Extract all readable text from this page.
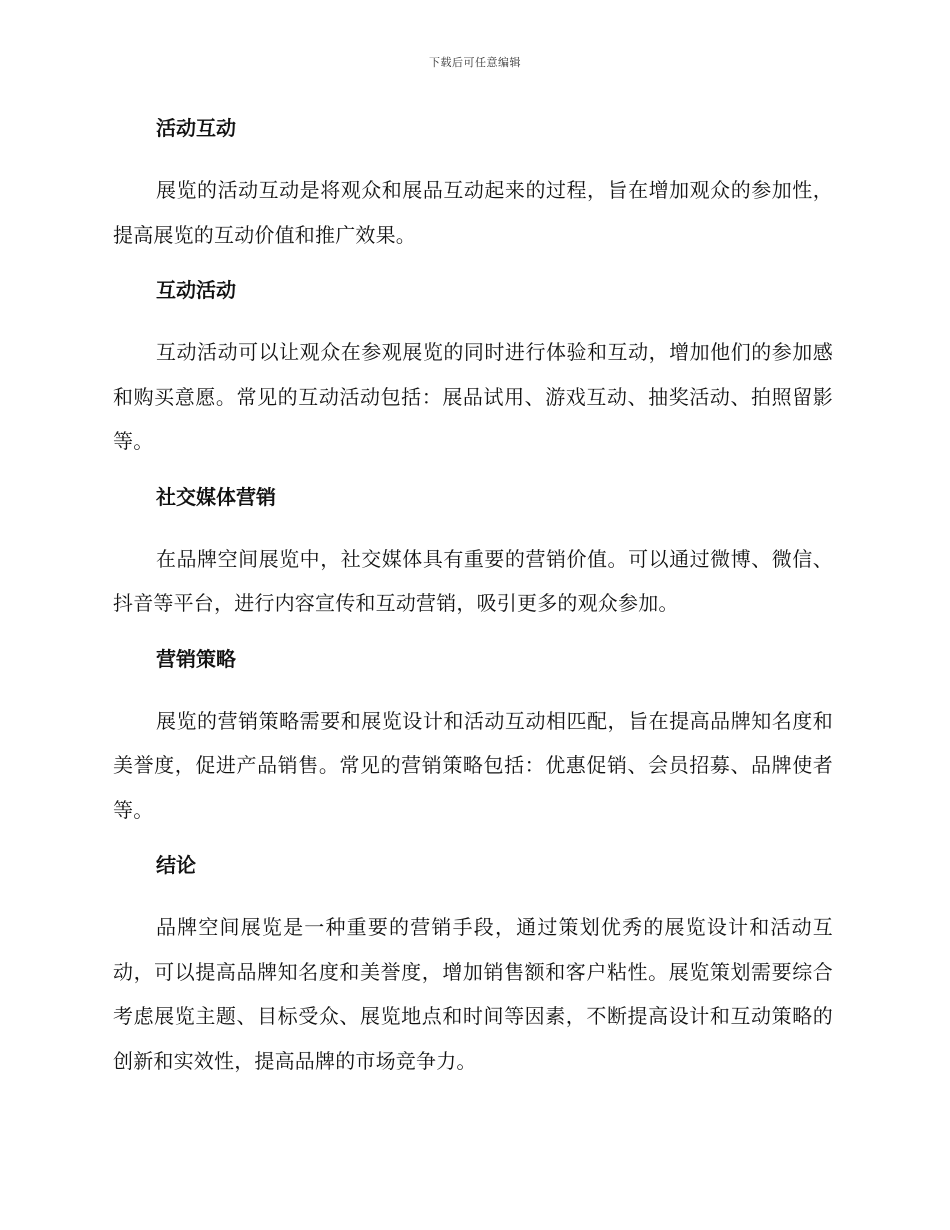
下载后可任意编辑
活动互动

展览的活动互动是将观众和展品互动起来的过程，旨在增加观众的参加性，提高展览的互动价值和推广效果。

互动活动

互动活动可以让观众在参观展览的同时进行体验和互动，增加他们的参加感和购买意愿。常见的互动活动包括：展品试用、游戏互动、抽奖活动、拍照留影等。

社交媒体营销

在品牌空间展览中，社交媒体具有重要的营销价值。可以通过微博、微信、抖音等平台，进行内容宣传和互动营销，吸引更多的观众参加。

营销策略

展览的营销策略需要和展览设计和活动互动相匹配，旨在提高品牌知名度和美誉度，促进产品销售。常见的营销策略包括：优惠促销、会员招募、品牌使者等。

结论

品牌空间展览是一种重要的营销手段，通过策划优秀的展览设计和活动互动，可以提高品牌知名度和美誉度，增加销售额和客户粘性。展览策划需要综合考虑展览主题、目标受众、展览地点和时间等因素，不断提高设计和互动策略的创新和实效性，提高品牌的市场竞争力。
